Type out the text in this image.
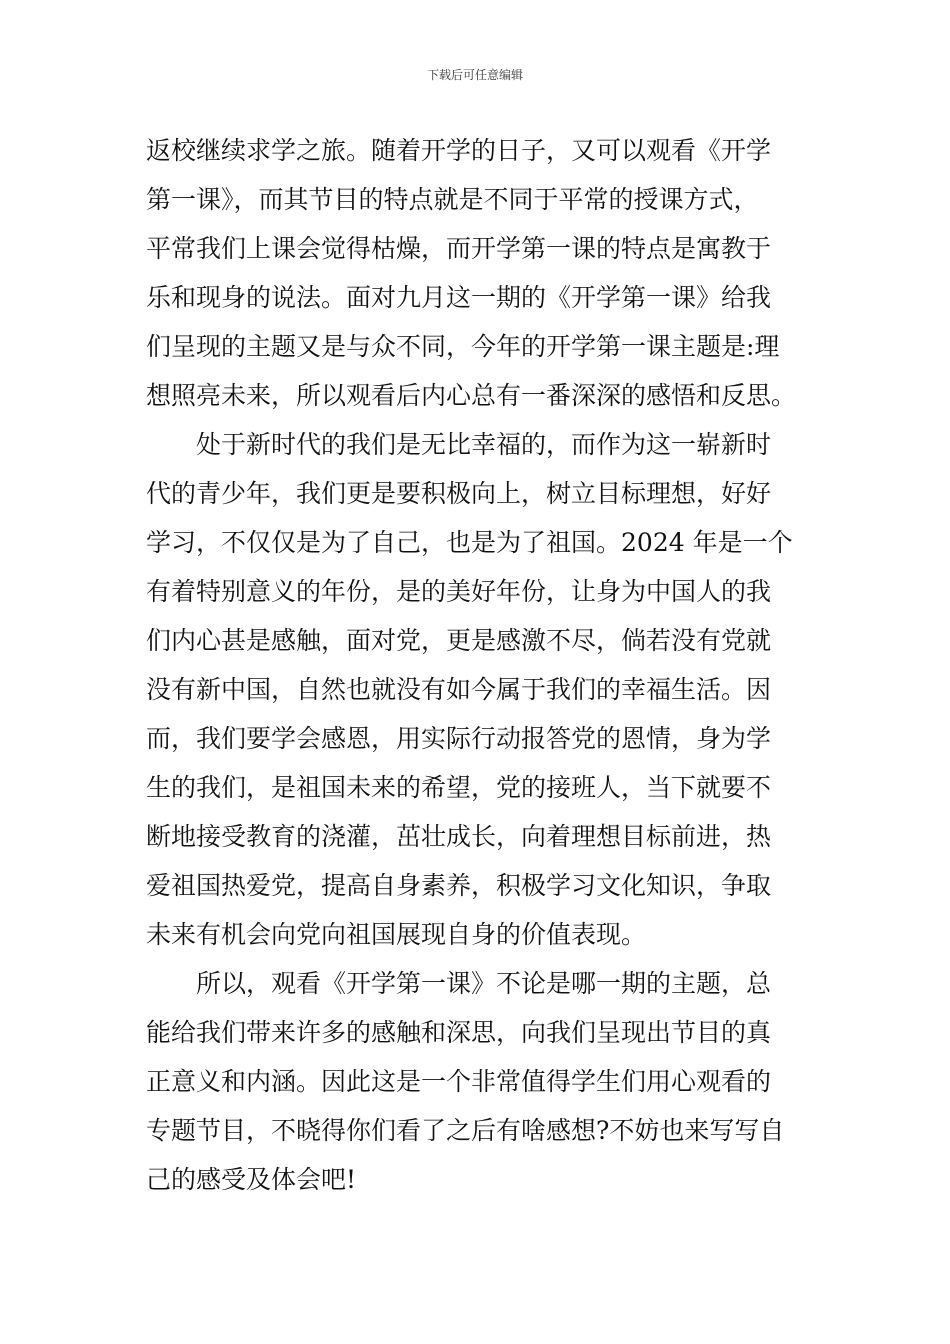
下载后可任意编辑
返校继续求学之旅。随着开学的日子，又可以观看《开学
第一课》，而其节目的特点就是不同于平常的授课方式，
平常我们上课会觉得枯燥，而开学第一课的特点是寓教于
乐和现身的说法。面对九月这一期的《开学第一课》给我
们呈现的主题又是与众不同，今年的开学第一课主题是:理
想照亮未来，所以观看后内心总有一番深深的感悟和反思。
　　处于新时代的我们是无比幸福的，而作为这一崭新时
代的青少年，我们更是要积极向上，树立目标理想，好好
学习，不仅仅是为了自己，也是为了祖国。2024 年是一个
有着特别意义的年份，是的美好年份，让身为中国人的我
们内心甚是感触，面对党，更是感激不尽，倘若没有党就
没有新中国，自然也就没有如今属于我们的幸福生活。因
而，我们要学会感恩，用实际行动报答党的恩情，身为学
生的我们，是祖国未来的希望，党的接班人，当下就要不
断地接受教育的浇灌，茁壮成长，向着理想目标前进，热
爱祖国热爱党，提高自身素养，积极学习文化知识，争取
未来有机会向党向祖国展现自身的价值表现。
　　所以，观看《开学第一课》不论是哪一期的主题，总
能给我们带来许多的感触和深思，向我们呈现出节目的真
正意义和内涵。因此这是一个非常值得学生们用心观看的
专题节目，不晓得你们看了之后有啥感想?不妨也来写写自
己的感受及体会吧!
